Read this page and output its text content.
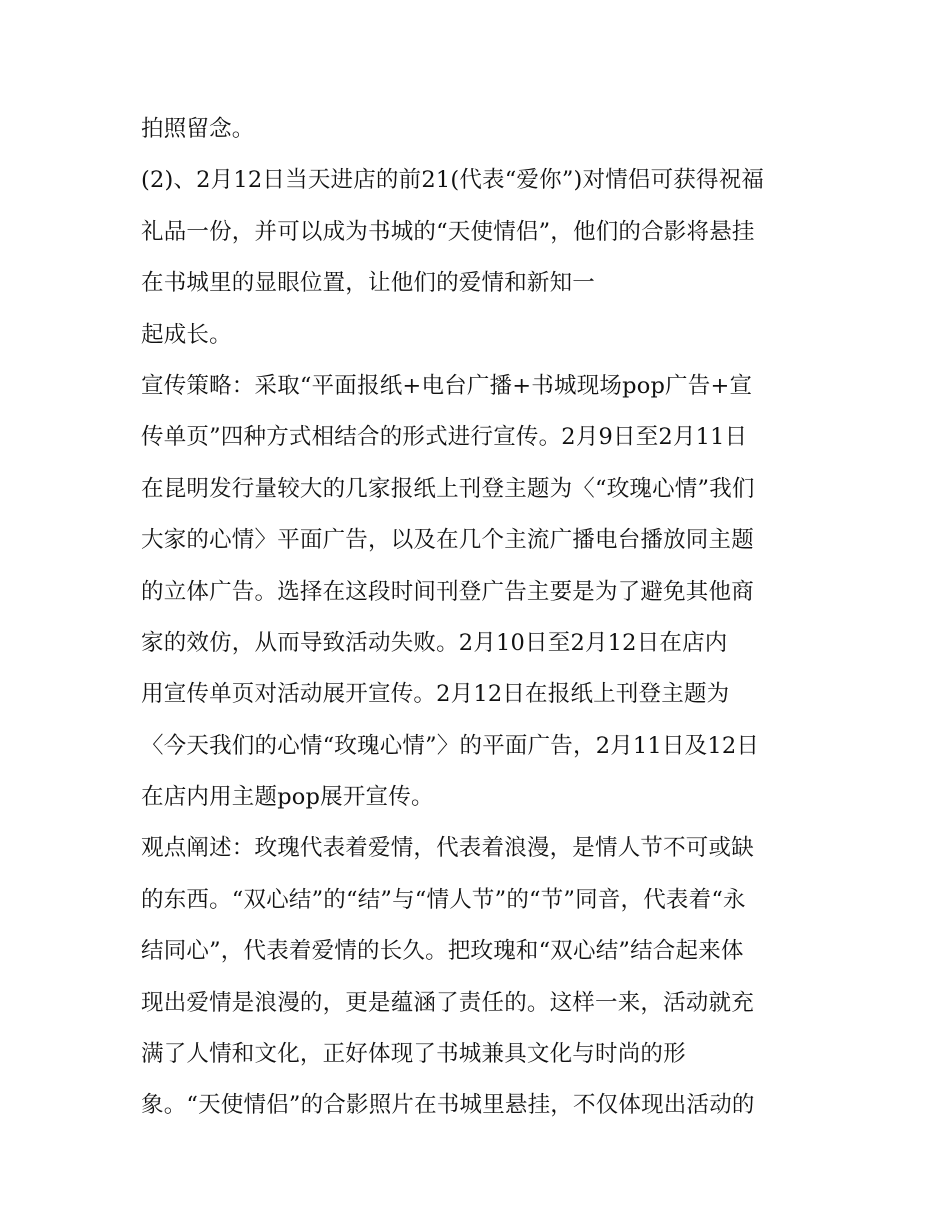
拍照留念。
(2)、2月12日当天进店的前21(代表“爱你”)对情侣可获得祝福
礼品一份，并可以成为书城的“天使情侣”，他们的合影将悬挂
在书城里的显眼位置，让他们的爱情和新知一
起成长。
宣传策略：采取“平面报纸+电台广播+书城现场pop广告+宣
传单页”四种方式相结合的形式进行宣传。2月9日至2月11日
在昆明发行量较大的几家报纸上刊登主题为〈“玫瑰心情”我们
大家的心情〉平面广告，以及在几个主流广播电台播放同主题
的立体广告。选择在这段时间刊登广告主要是为了避免其他商
家的效仿，从而导致活动失败。2月10日至2月12日在店内
用宣传单页对活动展开宣传。2月12日在报纸上刊登主题为
〈今天我们的心情“玫瑰心情”〉的平面广告，2月11日及12日
在店内用主题pop展开宣传。
观点阐述：玫瑰代表着爱情，代表着浪漫，是情人节不可或缺
的东西。“双心结”的“结”与“情人节”的“节”同音，代表着“永
结同心”，代表着爱情的长久。把玫瑰和“双心结”结合起来体
现出爱情是浪漫的，更是蕴涵了责任的。这样一来，活动就充
满了人情和文化，正好体现了书城兼具文化与时尚的形
象。“天使情侣”的合影照片在书城里悬挂，不仅体现出活动的
